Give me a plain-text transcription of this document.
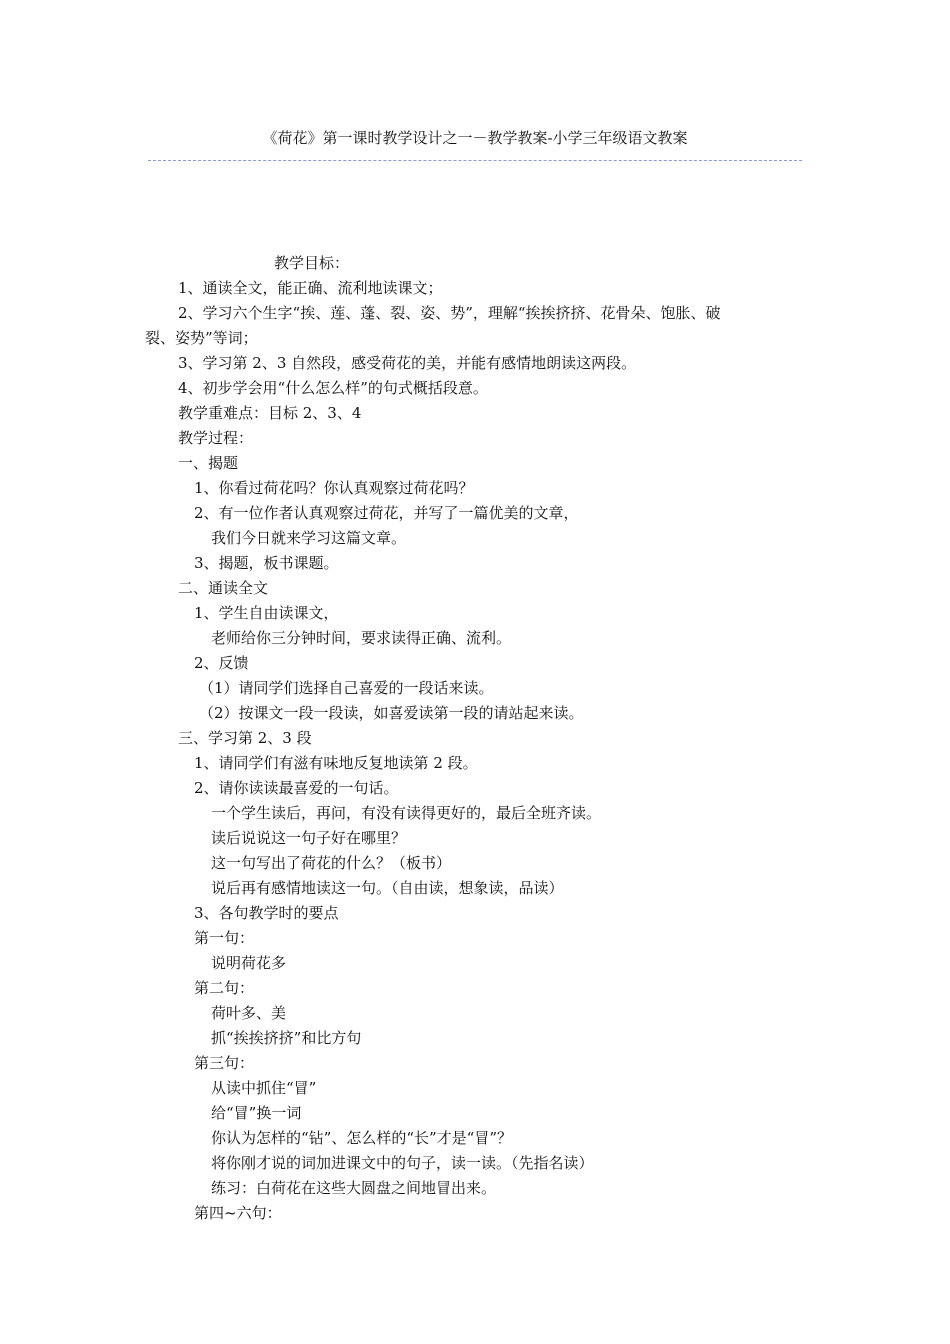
《荷花》第一课时教学设计之一－教学教案-小学三年级语文教案
教学目标：
1、通读全文，能正确、流利地读课文；
2、学习六个生字“挨、莲、蓬、裂、姿、势”，理解“挨挨挤挤、花骨朵、饱胀、破
裂、姿势”等词；
3、学习第 2、3 自然段，感受荷花的美，并能有感情地朗读这两段。
4、初步学会用“什么怎么样”的句式概括段意。
教学重难点：目标 2、3、4
教学过程：
一、揭题
1、你看过荷花吗？你认真观察过荷花吗？
2、有一位作者认真观察过荷花，并写了一篇优美的文章，
我们今日就来学习这篇文章。
3、揭题，板书课题。
二、通读全文
1、学生自由读课文，
老师给你三分钟时间，要求读得正确、流利。
2、反馈
（1）请同学们选择自己喜爱的一段话来读。
（2）按课文一段一段读，如喜爱读第一段的请站起来读。
三、学习第 2、3 段
1、请同学们有滋有味地反复地读第 2 段。
2、请你读读最喜爱的一句话。
一个学生读后，再问，有没有读得更好的，最后全班齐读。
读后说说这一句子好在哪里？
这一句写出了荷花的什么？（板书）
说后再有感情地读这一句。（自由读，想象读，品读）
3、各句教学时的要点
第一句：
说明荷花多
第二句：
荷叶多、美
抓“挨挨挤挤”和比方句
第三句：
从读中抓住“冒”
给“冒”换一词
你认为怎样的“钻”、怎么样的“长”才是“冒”？
将你刚才说的词加进课文中的句子，读一读。（先指名读）
练习：白荷花在这些大圆盘之间地冒出来。
第四~六句：
